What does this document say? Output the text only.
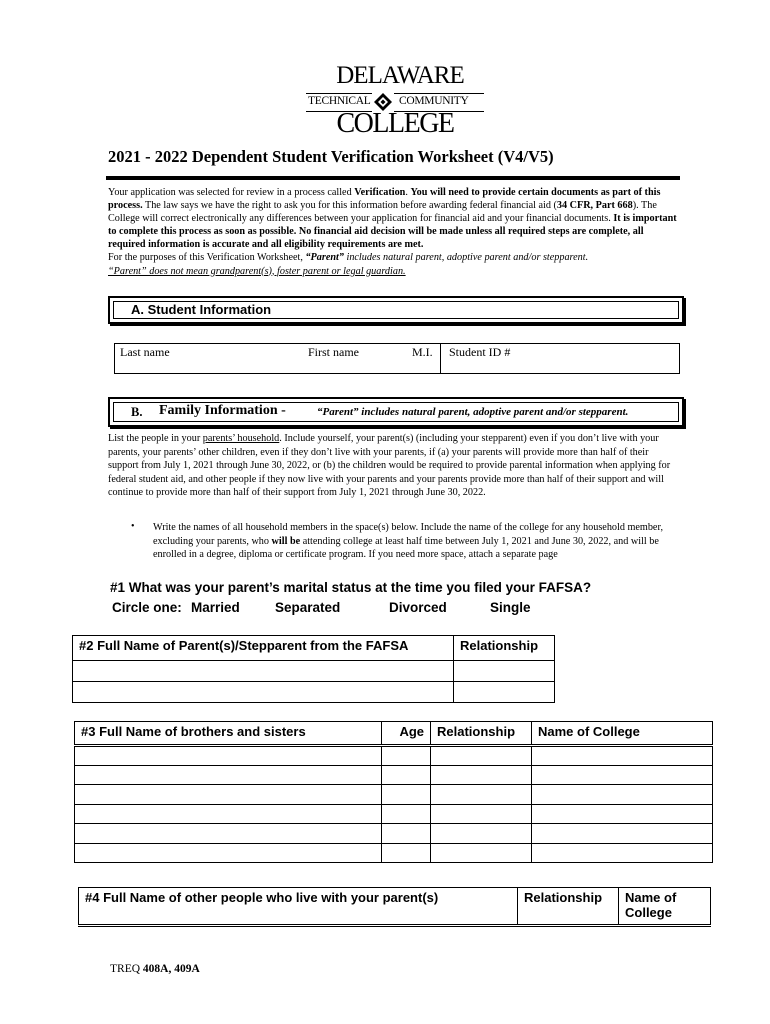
DELAWARE
TECHNICAL COMMUNITY
COLLEGE
2021 - 2022 Dependent Student Verification Worksheet (V4/V5)
Your application was selected for review in a process called Verification. You will need to provide certain documents as part of this process. The law says we have the right to ask you for this information before awarding federal financial aid (34 CFR, Part 668). The College will correct electronically any differences between your application for financial aid and your financial documents. It is important to complete this process as soon as possible. No financial aid decision will be made unless all required steps are complete, all required information is accurate and all eligibility requirements are met.
For the purposes of this Verification Worksheet, “Parent” includes natural parent, adoptive parent and/or stepparent.
“Parent” does not mean grandparent(s), foster parent or legal guardian.
A. Student Information
Last name	First name	M.I. Student ID #
B. Family Information -	“Parent” includes natural parent, adoptive parent and/or stepparent.
List the people in your parents’ household. Include yourself, your parent(s) (including your stepparent) even if you don’t live with your parents, your parents’ other children, even if they don’t live with your parents, if (a) your parents will provide more than half of their support from July 1, 2021 through June 30, 2022, or (b) the children would be required to provide parental information when applying for federal student aid, and other people if they now live with your parents and your parents provide more than half of their support and will continue to provide more than half of their support from July 1, 2021 through June 30, 2022.
• Write the names of all household members in the space(s) below. Include the name of the college for any household member, excluding your parents, who will be attending college at least half time between July 1, 2021 and June 30, 2022, and will be enrolled in a degree, diploma or certificate program. If you need more space, attach a separate page
#1 What was your parent’s marital status at the time you filed your FAFSA?
Circle one: Married	Separated	Divorced	Single
#2 Full Name of Parent(s)/Stepparent from the FAFSA	Relationship

#3 Full Name of brothers and sisters	Age	Relationship	Name of College

#4 Full Name of other people who live with your parent(s)	Relationship	Name of College
TREQ 408A, 409A
